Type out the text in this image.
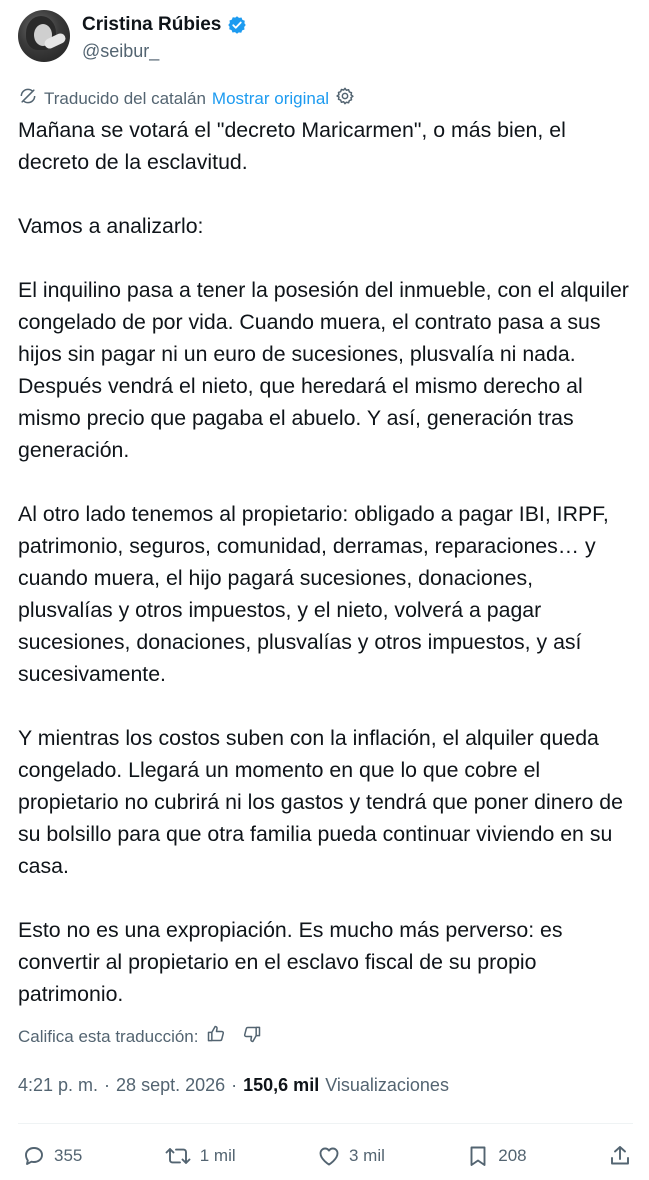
Cristina Rúbies
@seibur_
Traducido del catalán Mostrar original

Mañana se votará el "decreto Maricarmen", o más bien, el decreto de la esclavitud.

Vamos a analizarlo:

El inquilino pasa a tener la posesión del inmueble, con el alquiler congelado de por vida. Cuando muera, el contrato pasa a sus hijos sin pagar ni un euro de sucesiones, plusvalía ni nada. Después vendrá el nieto, que heredará el mismo derecho al mismo precio que pagaba el abuelo. Y así, generación tras generación.

Al otro lado tenemos al propietario: obligado a pagar IBI, IRPF, patrimonio, seguros, comunidad, derramas, reparaciones… y cuando muera, el hijo pagará sucesiones, donaciones, plusvalías y otros impuestos, y el nieto, volverá a pagar sucesiones, donaciones, plusvalías y otros impuestos, y así sucesivamente.

Y mientras los costos suben con la inflación, el alquiler queda congelado. Llegará un momento en que lo que cobre el propietario no cubrirá ni los gastos y tendrá que poner dinero de su bolsillo para que otra familia pueda continuar viviendo en su casa.

Esto no es una expropiación. Es mucho más perverso: es convertir al propietario en el esclavo fiscal de su propio patrimonio.

Califica esta traducción:
4:21 p. m. · 28 sept. 2026 · 150,6 mil Visualizaciones
355	1 mil	3 mil	208
